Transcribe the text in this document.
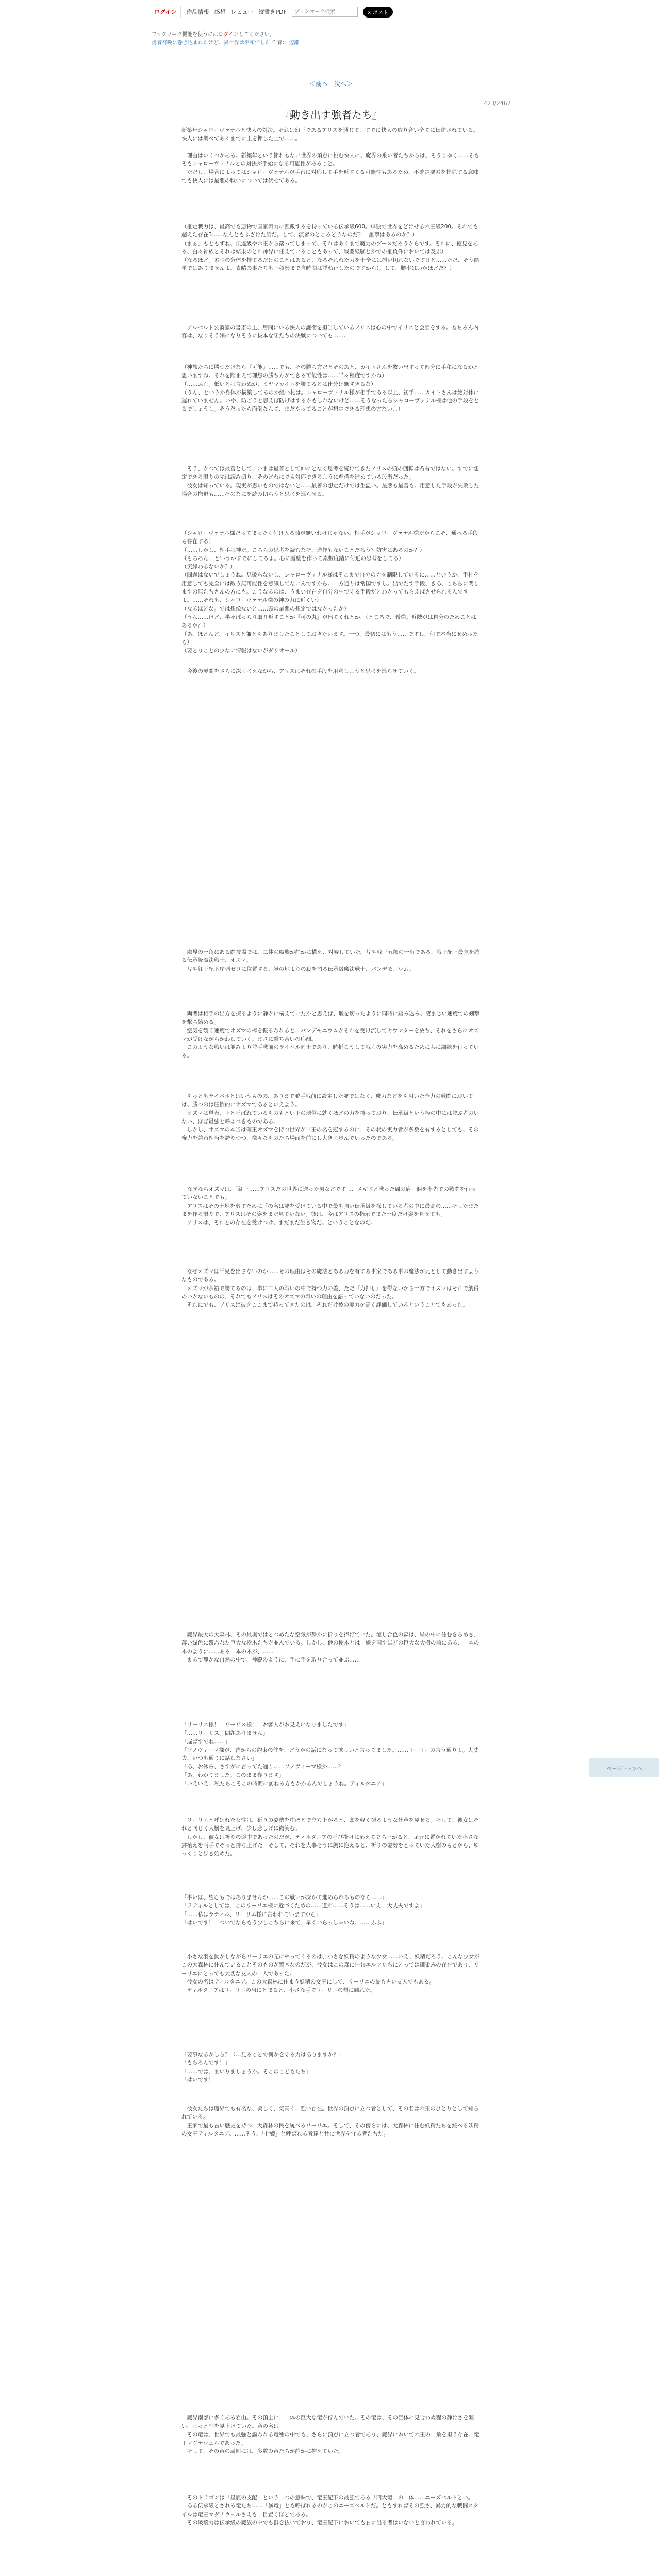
ログイン	作品情報 感想 レビュー 縦書きPDF
ブックマーク検索	X ポスト
ブックマーク機能を使うにはログインしてください。
勇者召喚に巻き込まれたけど、異世界は平和でした 作者： 辺鄙
＜前へ　次へ＞
423/2462
『動き出す強者たち』
新築年シャローヴァナルと快人の対決。それは幻王であるアリスを通じて、すでに快人の取り合い全てに伝達されている。快人には調べてあくまでに主を押した上で……。

　理由はいくつかある。新築年という節れもない世界の頂点に挑む快人に、魔界の乗い者たちからは、そうりゆく……そもそもシャローヴァナルとの対決が手始になる可能性があること。
　ただし、場合によってはシャローヴァナルが手台に対応して手を返すくる可能性もあるため、不確定要素を排除する意味でも快人には最悪の戦いについては伏せてある。
（推定戦力は、最高でも悪物で国家戦力に匹敵するを持っている伝承級600。単独で世界をどけせる六王級200。それでも超えた存在3……なんともふざけた話だ。して、演習のところどうなのだ？　誰撃はあるのか？）
（まぁ、もともずね、伝達級や六王から落ってしまって、それはあくまで魔力のブースだろうからです。それに、億見をある、白々神族とそれは結果のとれ神界に任えていることもあって、戦闘経験とかでの推負件においては及ぶ）
（なるほど。素晴の分体を持てるだけのことはあると、なるそれれた力を十全には振い切れないですけど……ただ、そう簡単ではありませんよ。素晴の事たちも下積勢まで自時間は詳ね止したのですから）。して、勝率はいかほどだ？）
　アルベルト公爵家の書斎の上、居間にいる快人の護衛を担当しているアリスは心の中でイリスと会話をする。もちろん内容は、なりそう嫌になりそうに抜本な牙たちの決戦についても……。
（神族たちに勝つだけなら『可能』……でも、その勝ち方だとそのあと、カイトさんを救い出すって部分に手和になるかと思いますね。それを踏まえて理想の勝ち方ができる可能性は……半々程度ですかね）
（……ふむ。低いとは言わぬが、ミヤマカイトを勝てるとは仕分け無すぎるな）
（うん、というか身体が構築してるのか組い札は。シャローヴァナル様が相手である以上、初手……カイトさんは絶対休に遅れていません。いや、防ごうと思えば防げはするかもしれないけど……そうなったらシャローヴァナル様は他の手段をとるでしょうし。そうだったら面倒なんて、まだやってることが想定できる理想の方ないよ）
　そう、かつては最善として、いまは最善として伸にとなく思考を続けてきたアリスの頭の回転は希有ではない。すでに想定できる限りの先は読み切り、そのどれにでも対応できるように準備を進めている段階だった。
　彼女は知っている。現実が思いものではないと……最善の想定だけでは生温い。最悪も最善も。用意した手段が失敗した場合の撤退も……そのなにを読み切らうと思考を巡らせる。
（シャローヴァナル様だってまったく付け入る隙が無いわけじゃない。相手がシャローヴァナル様だからこそ、通べる手段も存在する）
（……しかし、相手は神だ。こちらの思考を読むなぞ、造作もないことだろう？妨害はあるのか？）
（もちろん、というかすでにしてるよ。心に護壁を作って素敷度踏に付近の思考をしてる）
（笑縁わるないか？）
（問題はないでしょうね。見破らないし、シャローヴァナル様はそこまで自分の力を制限しているに……というか、手札を用意しても完全には敵う無可能性を意識してないんですから。一方通りは常国ですし。出でたす手段、きあ、こちらに関しますの無たちさんの方にも。こうなるのは、うまい存在を自分の中で守る手段だとわかってもらえばさせられるんですよ。……それも、シャローヴァナル様の神の力に近くい）
（なるほどな。では想像ないと……頭の最悪の想定ではなかったか）
（うん……けど、半々ばっちり取り返すことが『可の丸』が出てくれとか、（ところで、希様。近隣がは自分のためことはあるか？）
（あ、ほとんど。イリスと兼ともありましたことしておきたいます。一つ、最初にはもう……ですし、何で本当にせめったら）
（要とりことの少ない情報はないがダリオール）
　今後の展開をさらに深く考えながら、アリスはそれの手段を用意しようと思考を巡らせていく。
　魔界の一角にある闘技場では、二体の魔族が静かに構え、対峙していた。片や戦王五部の一角である、戦王配下最強を誇る伝承級魔法戦士、オズマ。
　片や紅王配下序列ゼロに位置する、誕の地よりの殺を司る伝承級魔法戦士、バンデモニウム。
　両者は相手の出方を探るように静かに構えていたかと思えば、堰を切ったように同時に踏み込み、凄まじい速度での剣撃を撃ち始める。
　空気を裂く速度でオズマの棒を振るわれると、バンデモニウムがそれを受け流してカウンターを放ち、それをさらにオズマが受けながらかわしていく。まさに撃ち合いの応酬。
　このような戦いは並みより並手戦前のライバル同士であり、時折こうして戦力の実力を高めるために共に訓練を行っている。
　もっともライバルとはいうものの、ありまで並手戦前に設定した並ではなく、魔力などをも用いた全力の戦闘においては、勝つのは圧倒的にオズマであるといえよう。
　オズマは単表、王と呼ばれているものもとい王の地位に就くほどの力を持っており、伝承級という枠の中には並ぶ者のいない、ほぼ最強と呼ぶべきものである。
　しかし、オズマの本当は確王オズマを持つ世界が「王の名を冠するのに、その状の実力者が多数を有するとしても、その権力を兼ね相当を誇りつつ、様々なものたち場面を前にし大きく歩んでいったのである。
　なぜならオズマは、『紅王……アリスだの世界に送った男などですよ、メギドと戦った周の肩ー個を率先での戦闘を行っていないことでも。
　アリスはその土地を剪すために「の名は並を受けている中で最も強い伝承級を探している者の中に最高の……そしたまたまを作る限りで、アリスはその姿をまだ見ていない。彼は、今はアリスの指示でまた一度だけ姿を見せても。
　アリスは、それとの存在を受けつけ、まだまだ生き物だ。ということなのだ。
　なぜオズマは半兄を出さないのか……その理由はその魔法とある力を有する事家である事の魔法が兄として動き出すようなものである。
　オズマが余裕で勝てるのは、単に二人の戦いの中で持つ力の差、ただ『力押し』を得ないから一方でオズマはそれで納得のいかないものの、それでもアリスはそのオズマの戦いの理由を語っていないのだった。
　それにでも、アリスは彼をここまで持ってきたのは、それだけ彼の実力を高く評価しているということでもあった。
　魔界最大の大森林、その最奥ではとつめたな空気が静かに折りを捧げていた。澄し合色の森は、緑の中に住むきらめき、薄い緑色に覆われた巨大な樹木たちが並んでいる。しかし、他の樹木とは一線を画すほどの巨大な大樹の前にある、一本の木のように……ある一本の木が、……
　まるで静かな自然の中で、神殿のように、手に手を取り合って並ぶ……
「リーリス様！　リーリス様！　お客人がお見えになりましたです」
「……リーリス。問題ありません」
「遅ばすでね……」
「ソノヴィーマ様が、昔からの約束の件を、どうかの話になって欲しいと言ってました。……リーリーの言う通りよ。大丈夫、いつも通りに話しなさい」
「あ、お休み、さすがに言ってた通り……ソノヴィーマ様か……？」
「あ、わかりました。このまま参ります」
「いえいえ、私たちこそこの時間に訪ねる方もかかるんでしょうね。ティルタニア」
　リーリエと呼ばれた女性は、祈りの姿勢を中ほどで立ち上がると、頭を軽く振るような仕草を見せる。そして、彼女はそれと同じく大樹を見上げ、少し悲しげに微笑む。
　しかし、彼女は祈りの途中であったのだが、ティルタニアの呼び掛けに応えて立ち上がると、足元に置かれていた小さな鉢植えを両手でそっと持ち上げた。そして、それを大事そうに胸に抱えると、祈りの姿勢をとっていた大樹のもとから、ゆっくりと歩き始めた。
「事いは、望むもではありませんか……この戦いが深かて進められるものなら……」
「ラティルとしては、このリーリエ様に近づくための……道が……そうは……いえ、大丈夫ですよ」
「……私はラティル、リーリエ様に言われていますから」
「はいです！　ついでならもう少しこちらに来て、早くいらっしゃいね。……ふふ」
　小さな羽を動かしながらリーリエの元にやってくるのは、小さな妖精のような少女……いえ、妖精だろう。こんな少女がこの大森林に住んでいることそのものが驚きなのだが、彼女はこの森に住むエルフたちにとっては馴染みの存在であり、リーリエにとっても大切な友人の一人であった。
　彼女の名はティルタニア。この大森林に住まう妖精の女王にして、リーリエの最も古い友人でもある。
　ティルタニアはリーリエの肩にとまると、小さな手でリーリエの頬に触れた。
「要事なるかしら？（…見ることで何かを守る力はありますか？」
「もちろんです！」
「……では、まいりましょうか。そこのこどもたち」
「はいです！」
　彼女たちは魔界でも有名な、美しく、気高く、強い存在。世界の頂点に立つ者として、その名は六王のひとりとして知られている。
　王家で最も古い歴史を持つ、大森林の民を統べるリーリエ。そして、その傍らには、大森林に住む妖精たちを統べる妖精の女王ティルタニア。……そう、「七姫」と呼ばれる者達と共に世界を守る者たちだ。
　魔界南部に多くある岩山。その頂上に、一体の巨大な竜が佇んでいた。その竜は、その巨体に見合わぬ程の静けさを纏い、じっと空を見上げていた。竜の名は──
　その竜は、世界でも最強と謳われる竜種の中でも、さらに頂点に立つ者であり、魔界において六王の一角を担う存在。竜王マグナウェルであった。
　そして、その竜の周囲には、多数の竜たちが静かに控えていた。
　そのドラゴンは「星辰の支配」という二つの意味で、竜王配下の最強である「四大竜」の一体……ニーズベルトとい。
　ある伝承級とされる竜たち……「暴竜」とも呼ばれるのがこのニーズベルトだ。ともすればその強さ、暴力的な戦闘スタイルは竜王マグナウェルさえも一目置くほどである。
　その破壊力は伝承級の魔族の中でも群を抜いており、竜王配下においても右に出る者はいないと言われている。
ページトップへ
